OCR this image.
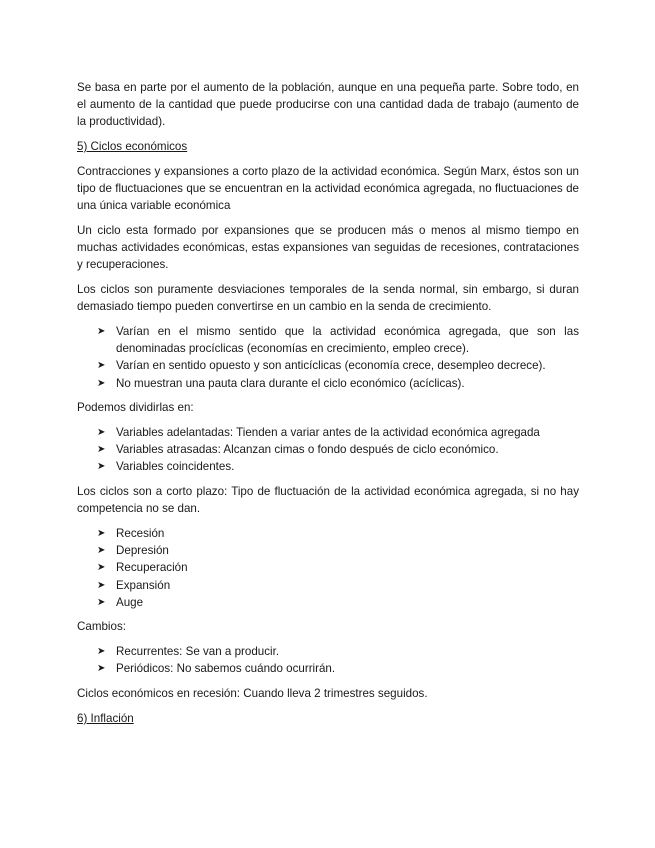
Se basa en parte por el aumento de la población, aunque en una pequeña parte. Sobre todo, en el aumento de la cantidad que puede producirse con una cantidad dada de trabajo (aumento de la productividad).

5) Ciclos económicos

Contracciones y expansiones a corto plazo de la actividad económica. Según Marx, éstos son un tipo de fluctuaciones que se encuentran en la actividad económica agregada, no fluctuaciones de una única variable económica

Un ciclo esta formado por expansiones que se producen más o menos al mismo tiempo en muchas actividades económicas, estas expansiones van seguidas de recesiones, contrataciones y recuperaciones.

Los ciclos son puramente desviaciones temporales de la senda normal, sin embargo, si duran demasiado tiempo pueden convertirse en un cambio en la senda de crecimiento.

➤ Varían en el mismo sentido que la actividad económica agregada, que son las denominadas procíclicas (economías en crecimiento, empleo crece).
➤ Varían en sentido opuesto y son anticíclicas (economía crece, desempleo decrece).
➤ No muestran una pauta clara durante el ciclo económico (acíclicas).

Podemos dividirlas en:

➤ Variables adelantadas: Tienden a variar antes de la actividad económica agregada
➤ Variables atrasadas: Alcanzan cimas o fondo después de ciclo económico.
➤ Variables coincidentes.

Los ciclos son a corto plazo: Tipo de fluctuación de la actividad económica agregada, si no hay competencia no se dan.

➤ Recesión
➤ Depresión
➤ Recuperación
➤ Expansión
➤ Auge

Cambios:

➤ Recurrentes: Se van a producir.
➤ Periódicos: No sabemos cuándo ocurrirán.

Ciclos económicos en recesión: Cuando lleva 2 trimestres seguidos.

6) Inflación
